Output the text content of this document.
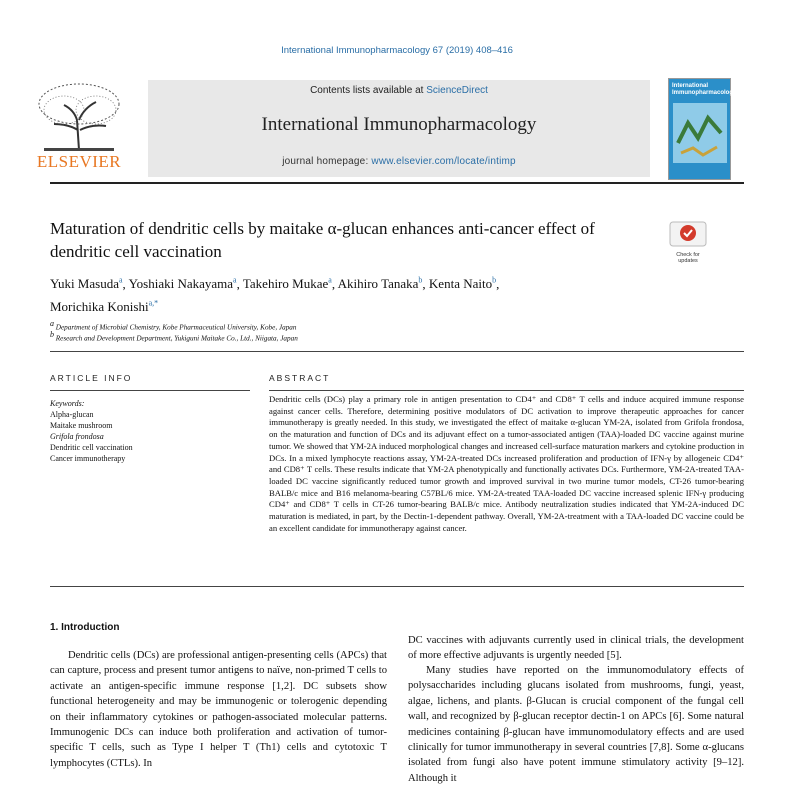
International Immunopharmacology 67 (2019) 408–416
ELSEVIER
Contents lists available at ScienceDirect
International Immunopharmacology
journal homepage: www.elsevier.com/locate/intimp
International Immunopharmacology
Maturation of dendritic cells by maitake α-glucan enhances anti-cancer effect of dendritic cell vaccination	Check for updates
Yuki Masuda$^a$, Yoshiaki Nakayama$^a$, Takehiro Mukae$^a$, Akihiro Tanaka$^b$, Kenta Naito$^b$,
Morichika Konishi$^{a,*}$
$^a$ Department of Microbial Chemistry, Kobe Pharmaceutical University, Kobe, Japan
$^b$ Research and Development Department, Yukiguni Maitake Co., Ltd., Niigata, Japan
ARTICLE INFO	ABSTRACT
Keywords:
Alpha-glucan
Maitake mushroom
Grifola frondosa
Dendritic cell vaccination
Cancer immunotherapy
Dendritic cells (DCs) play a primary role in antigen presentation to CD4⁺ and CD8⁺ T cells and induce acquired immune response against cancer cells. Therefore, determining positive modulators of DC activation to improve therapeutic approaches for cancer immunotherapy is greatly needed. In this study, we investigated the effect of maitake α-glucan YM-2A, isolated from Grifola frondosa, on the maturation and function of DCs and its adjuvant effect on a tumor-associated antigen (TAA)-loaded DC vaccine against murine tumor. We showed that YM-2A induced morphological changes and increased cell-surface maturation markers and cytokine production in DCs. In a mixed lymphocyte reactions assay, YM-2A-treated DCs increased proliferation and production of IFN-γ by allogeneic CD4⁺ and CD8⁺ T cells. These results indicate that YM-2A phenotypically and functionally activates DCs. Furthermore, YM-2A-treated TAA-loaded DC vaccine significantly reduced tumor growth and improved survival in two murine tumor models, CT-26 tumor-bearing BALB/c mice and B16 melanoma-bearing C57BL/6 mice. YM-2A-treated TAA-loaded DC vaccine increased splenic IFN-γ producing CD4⁺ and CD8⁺ T cells in CT-26 tumor-bearing BALB/c mice. Antibody neutralization studies indicated that YM-2A-induced DC maturation is mediated, in part, by the Dectin-1-dependent pathway. Overall, YM-2A-treatment with a TAA-loaded DC vaccine could be an excellent candidate for immunotherapy against cancer.
1. Introduction
Dendritic cells (DCs) are professional antigen-presenting cells (APCs) that can capture, process and present tumor antigens to naïve, non-primed T cells to activate an antigen-specific immune response [1,2]. DC subsets show functional heterogeneity and may be immunogenic or tolerogenic depending on their inflammatory cytokines or pathogen-associated molecular patterns. Immunogenic DCs can induce both proliferation and activation of tumor-specific T cells, such as Type I helper T (Th1) cells and cytotoxic T lymphocytes (CTLs). In
DC vaccines with adjuvants currently used in clinical trials, the development of more effective adjuvants is urgently needed [5].
Many studies have reported on the immunomodulatory effects of polysaccharides including glucans isolated from mushrooms, fungi, yeast, algae, lichens, and plants. β-Glucan is crucial component of the fungal cell wall, and recognized by β-glucan receptor dectin-1 on APCs [6]. Some natural medicines containing β-glucan have immunomodulatory effects and are used clinically for tumor immunotherapy in several countries [7,8]. Some α-glucans isolated from fungi also have potent immune stimulatory activity [9–12]. Although it
